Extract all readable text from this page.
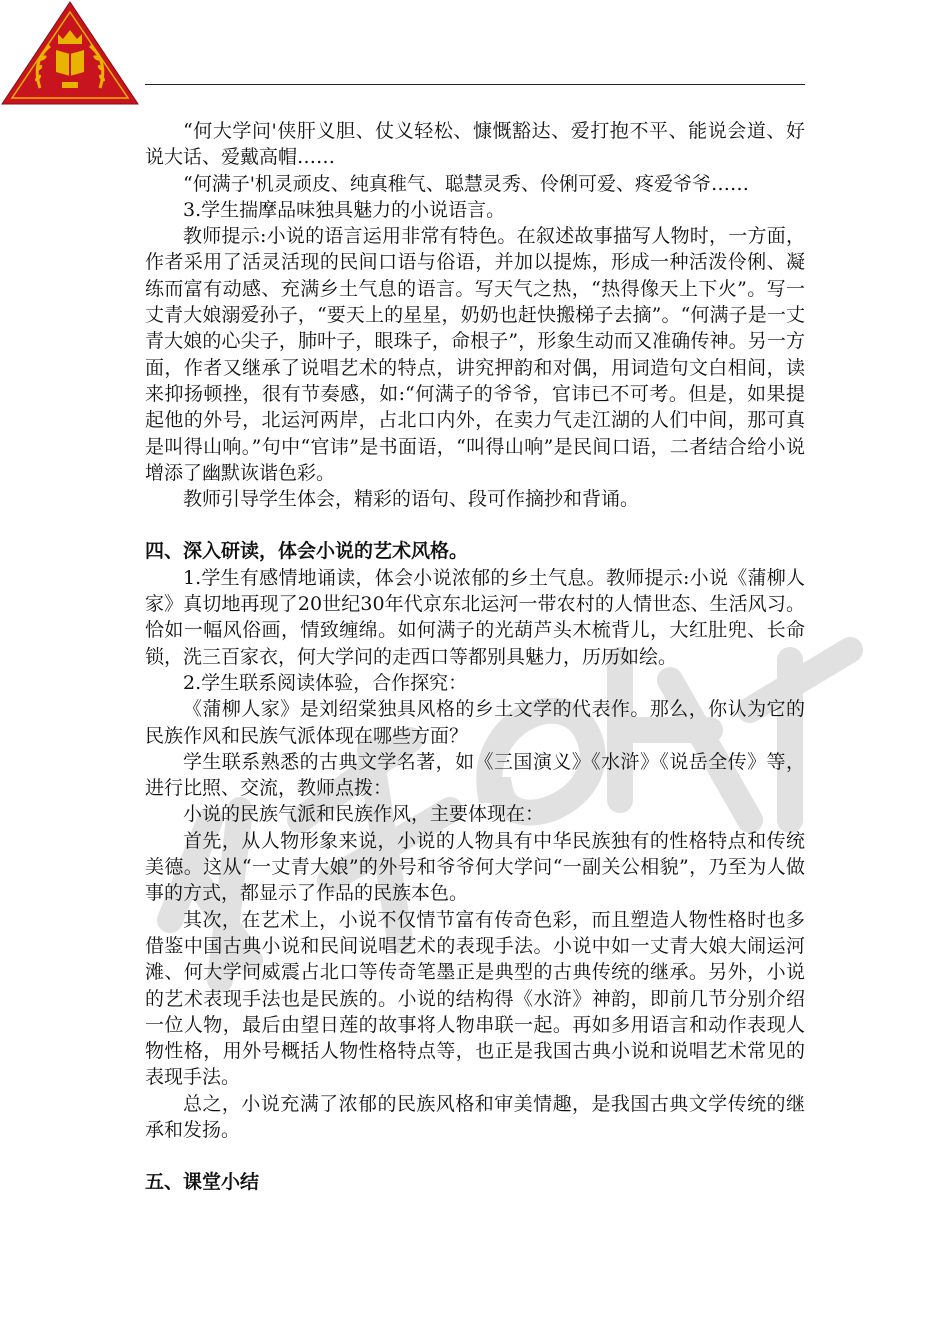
“何大学问'侠肝义胆、仗义轻松、慷慨豁达、爱打抱不平、能说会道、好说大话、爱戴高帽……

“何满子'机灵顽皮、纯真稚气、聪慧灵秀、伶俐可爱、疼爱爷爷……

3.学生揣摩品味独具魅力的小说语言。

教师提示:小说的语言运用非常有特色。在叙述故事描写人物时，一方面，作者采用了活灵活现的民间口语与俗语，并加以提炼，形成一种活泼伶俐、凝练而富有动感、充满乡土气息的语言。写天气之热，“热得像天上下火”。写一丈青大娘溺爱孙子，“要天上的星星，奶奶也赶快搬梯子去摘”。“何满子是一丈青大娘的心尖子，肺叶子，眼珠子，命根子”，形象生动而又准确传神。另一方面，作者又继承了说唱艺术的特点，讲究押韵和对偶，用词造句文白相间，读来抑扬顿挫，很有节奏感，如:“何满子的爷爷，官讳已不可考。但是，如果提起他的外号，北运河两岸，占北口内外，在卖力气走江湖的人们中间，那可真是叫得山响。”句中“官讳”是书面语，“叫得山响”是民间口语，二者结合给小说增添了幽默诙谐色彩。

教师引导学生体会，精彩的语句、段可作摘抄和背诵。

四、深入研读，体会小说的艺术风格。

1.学生有感情地诵读，体会小说浓郁的乡土气息。教师提示:小说《蒲柳人家》真切地再现了20世纪30年代京东北运河一带农村的人情世态、生活风习。恰如一幅风俗画，情致缠绵。如何满子的光葫芦头木梳背儿，大红肚兜、长命锁，洗三百家衣，何大学问的走西口等都别具魅力，历历如绘。

2.学生联系阅读体验，合作探究：

《蒲柳人家》是刘绍棠独具风格的乡土文学的代表作。那么，你认为它的民族作风和民族气派体现在哪些方面？

学生联系熟悉的古典文学名著，如《三国演义》《水浒》《说岳全传》等，进行比照、交流，教师点拨：

小说的民族气派和民族作风，主要体现在：

首先，从人物形象来说，小说的人物具有中华民族独有的性格特点和传统美德。这从“一丈青大娘”的外号和爷爷何大学问“一副关公相貌”，乃至为人做事的方式，都显示了作品的民族本色。

其次，在艺术上，小说不仅情节富有传奇色彩，而且塑造人物性格时也多借鉴中国古典小说和民间说唱艺术的表现手法。小说中如一丈青大娘大闹运河滩、何大学问威震占北口等传奇笔墨正是典型的古典传统的继承。另外，小说的艺术表现手法也是民族的。小说的结构得《水浒》神韵，即前几节分别介绍一位人物，最后由望日莲的故事将人物串联一起。再如多用语言和动作表现人物性格，用外号概括人物性格特点等，也正是我国古典小说和说唱艺术常见的表现手法。

总之，小说充满了浓郁的民族风格和审美情趣，是我国古典文学传统的继承和发扬。

五、课堂小结
